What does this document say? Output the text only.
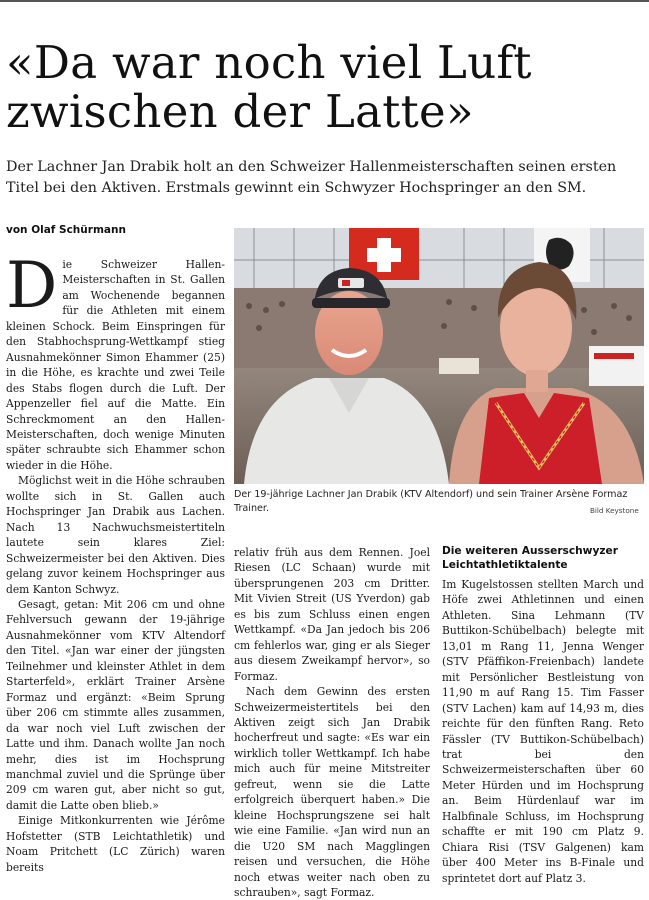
«Da war noch viel Luft zwischen der Latte»

Der Lachner Jan Drabik holt an den Schweizer Hallenmeisterschaften seinen ersten Titel bei den Aktiven. Erstmals gewinnt ein Schwyzer Hochspringer an den SM.

von Olaf Schürmann

Die Schweizer Hallen-Meisterschaften in St. Gallen am Wochenende begannen für die Athleten mit einem kleinen Schock. Beim Einspringen für den Stabhochsprung-Wettkampf stieg Ausnahmekönner Simon Ehammer (25) in die Höhe, es krachte und zwei Teile des Stabs flogen durch die Luft. Der Appenzeller fiel auf die Matte. Ein Schreckmoment an den Hallen-Meisterschaften, doch wenige Minuten später schraubte sich Ehammer schon wieder in die Höhe.

Möglichst weit in die Höhe schrauben wollte sich in St. Gallen auch Hochspringer Jan Drabik aus Lachen. Nach 13 Nachwuchsmeistertiteln lautete sein klares Ziel: Schweizermeister bei den Aktiven. Dies gelang zuvor keinem Hochspringer aus dem Kanton Schwyz.

Gesagt, getan: Mit 206 cm und ohne Fehlversuch gewann der 19-jährige Ausnahmekönner vom KTV Altendorf den Titel. «Jan war einer der jüngsten Teilnehmer und kleinster Athlet in dem Starterfeld», erklärt Trainer Arsène Formaz und ergänzt: «Beim Sprung über 206 cm stimmte alles zusammen, da war noch viel Luft zwischen der Latte und ihm. Danach wollte Jan noch mehr, dies ist im Hochsprung manchmal zuviel und die Sprünge über 209 cm waren gut, aber nicht so gut, damit die Latte oben blieb.»

Einige Mitkonkurrenten wie Jérôme Hofstetter (STB Leichtathletik) und Noam Pritchett (LC Zürich) waren bereits

Der 19-jährige Lachner Jan Drabik (KTV Altendorf) und sein Trainer Arsène Formaz Trainer.	Bild Keystone

relativ früh aus dem Rennen. Joel Riesen (LC Schaan) wurde mit übersprungenen 203 cm Dritter. Mit Vivien Streit (US Yverdon) gab es bis zum Schluss einen engen Wettkampf. «Da Jan jedoch bis 206 cm fehlerlos war, ging er als Sieger aus diesem Zweikampf hervor», so Formaz.

Nach dem Gewinn des ersten Schweizermeistertitels bei den Aktiven zeigt sich Jan Drabik hocherfreut und sagte: «Es war ein wirklich toller Wettkampf. Ich habe mich auch für meine Mitstreiter gefreut, wenn sie die Latte erfolgreich überquert haben.» Die kleine Hochsprungszene sei halt wie eine Familie. «Jan wird nun an die U20 SM nach Magglingen reisen und versuchen, die Höhe noch etwas weiter nach oben zu schrauben», sagt Formaz.

Die weiteren Ausserschwyzer Leichtathletiktalente

Im Kugelstossen stellten March und Höfe zwei Athletinnen und einen Athleten. Sina Lehmann (TV Buttikon-Schübelbach) belegte mit 13,01 m Rang 11, Jenna Wenger (STV Pfäffikon-Freienbach) landete mit Persönlicher Bestleistung von 11,90 m auf Rang 15. Tim Fasser (STV Lachen) kam auf 14,93 m, dies reichte für den fünften Rang. Reto Fässler (TV Buttikon-Schübelbach) trat bei den Schweizermeisterschaften über 60 Meter Hürden und im Hochsprung an. Beim Hürdenlauf war im Halbfinale Schluss, im Hochsprung schaffte er mit 190 cm Platz 9. Chiara Risi (TSV Galgenen) kam über 400 Meter ins B-Finale und sprintetet dort auf Platz 3.
